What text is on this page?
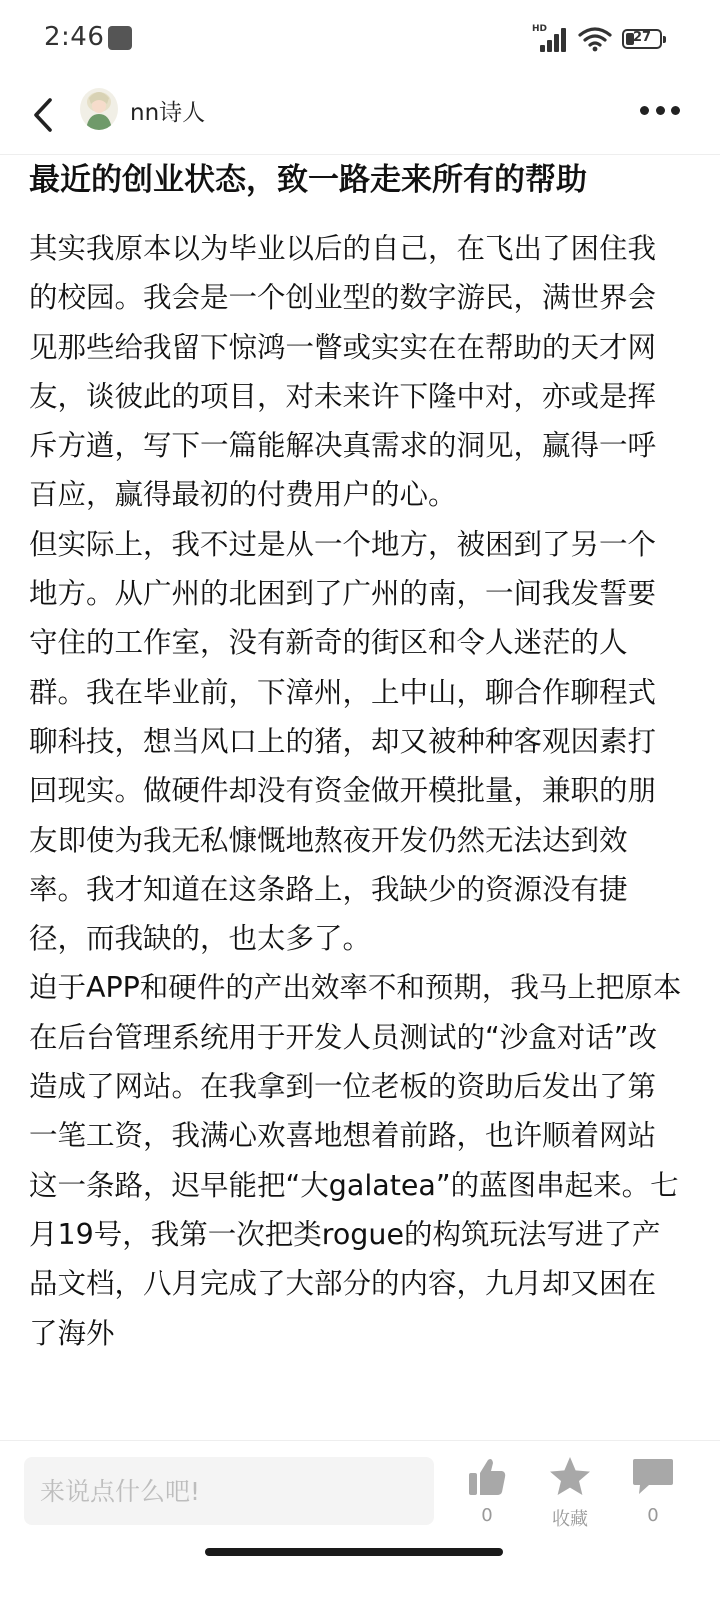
2:46	HD
27
nn诗人
最近的创业状态，致一路走来所有的帮助

其实我原本以为毕业以后的自己，在飞出了困住我的校园。我会是一个创业型的数字游民，满世界会见那些给我留下惊鸿一瞥或实实在在帮助的天才网友，谈彼此的项目，对未来许下隆中对，亦或是挥斥方遒，写下一篇能解决真需求的洞见，赢得一呼百应，赢得最初的付费用户的心。

但实际上，我不过是从一个地方，被困到了另一个地方。从广州的北困到了广州的南，一间我发誓要守住的工作室，没有新奇的街区和令人迷茫的人群。我在毕业前，下漳州，上中山，聊合作聊程式聊科技，想当风口上的猪，却又被种种客观因素打回现实。做硬件却没有资金做开模批量，兼职的朋友即使为我无私慷慨地熬夜开发仍然无法达到效率。我才知道在这条路上，我缺少的资源没有捷径，而我缺的，也太多了。

迫于APP和硬件的产出效率不和预期，我马上把原本在后台管理系统用于开发人员测试的“沙盒对话”改造成了网站。在我拿到一位老板的资助后发出了第一笔工资，我满心欢喜地想着前路，也许顺着网站这一条路，迟早能把“大galatea”的蓝图串起来。七月19号，我第一次把类rogue的构筑玩法写进了产品文档，八月完成了大部分的内容，九月却又困在了海外

来说点什么吧!
0	收藏	0
